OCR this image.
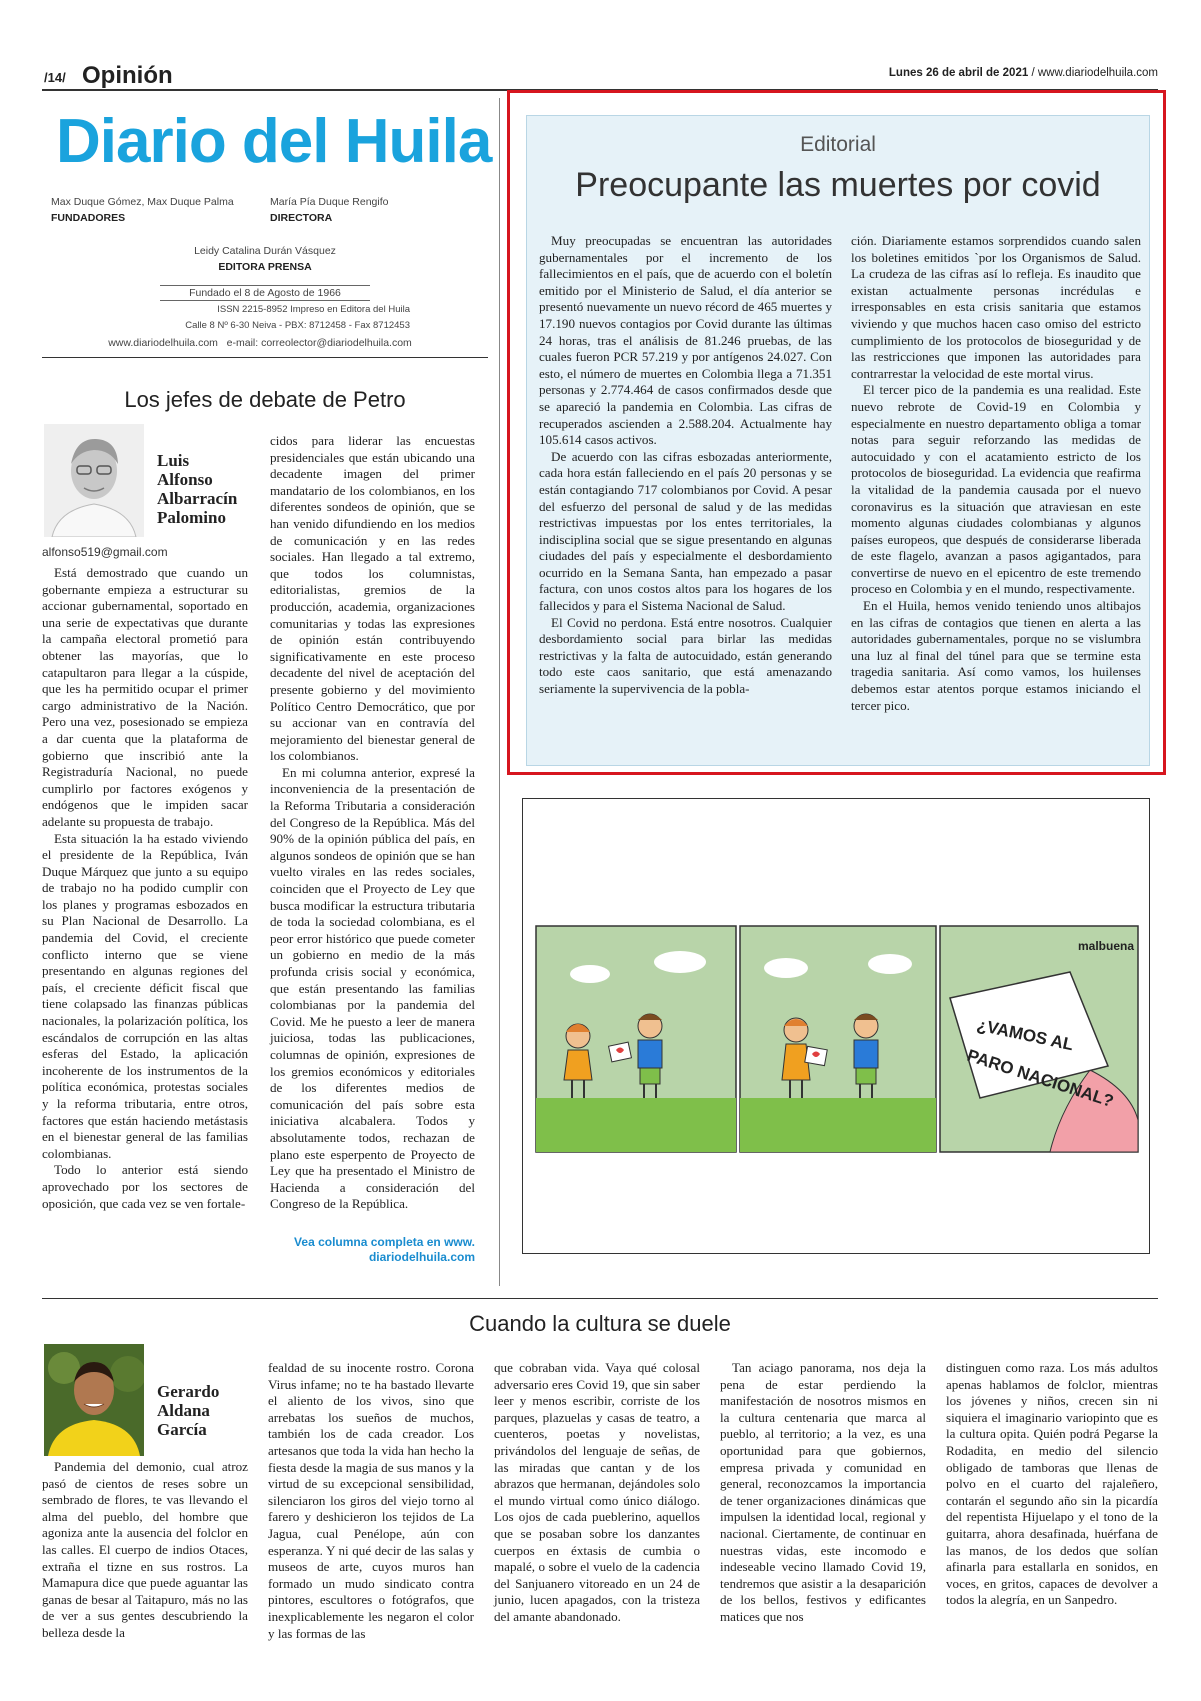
/14/ Opinión	Lunes 26 de abril de 2021 / www.diariodelhuila.com
Diario del Huila
Max Duque Gómez, Max Duque Palma
FUNDADORES
María Pía Duque Rengifo
DIRECTORA
Leidy Catalina Durán Vásquez
EDITORA PRENSA
Fundado el 8 de Agosto de 1966
ISSN 2215-8952 Impreso en Editora del Huila
Calle 8 Nº 6-30 Neiva - PBX: 8712458 - Fax 8712453
www.diariodelhuila.com   e-mail: correolector@diariodelhuila.com
Editorial
Preocupante las muertes por covid

Muy preocupadas se encuentran las autoridades gubernamentales por el incremento de los fallecimientos en el país, que de acuerdo con el boletín emitido por el Ministerio de Salud, el día anterior se presentó nuevamente un nuevo récord de 465 muertes y 17.190 nuevos contagios por Covid durante las últimas 24 horas, tras el análisis de 81.246 pruebas, de las cuales fueron PCR 57.219 y por antígenos 24.027. Con esto, el número de muertes en Colombia llega a 71.351 personas y 2.774.464 de casos confirmados desde que se apareció la pandemia en Colombia. Las cifras de recuperados ascienden a 2.588.204. Actualmente hay 105.614 casos activos.

De acuerdo con las cifras esbozadas anteriormente, cada hora están falleciendo en el país 20 personas y se están contagiando 717 colombianos por Covid. A pesar del esfuerzo del personal de salud y de las medidas restrictivas impuestas por los entes territoriales, la indisciplina social que se sigue presentando en algunas ciudades del país y especialmente el desbordamiento ocurrido en la Semana Santa, han empezado a pasar factura, con unos costos altos para los hogares de los fallecidos y para el Sistema Nacional de Salud.

El Covid no perdona. Está entre nosotros. Cualquier desbordamiento social para birlar las medidas restrictivas y la falta de autocuidado, están generando todo este caos sanitario, que está amenazando seriamente la supervivencia de la pobla-

ción. Diariamente estamos sorprendidos cuando salen los boletines emitidos `por los Organismos de Salud. La crudeza de las cifras así lo refleja. Es inaudito que existan actualmente personas incrédulas e irresponsables en esta crisis sanitaria que estamos viviendo y que muchos hacen caso omiso del estricto cumplimiento de los protocolos de bioseguridad y de las restricciones que imponen las autoridades para contrarrestar la velocidad de este mortal virus.

El tercer pico de la pandemia es una realidad. Este nuevo rebrote de Covid-19 en Colombia y especialmente en nuestro departamento obliga a tomar notas para seguir reforzando las medidas de autocuidado y con el acatamiento estricto de los protocolos de bioseguridad. La evidencia que reafirma la vitalidad de la pandemia causada por el nuevo coronavirus es la situación que atraviesan en este momento algunas ciudades colombianas y algunos países europeos, que después de considerarse liberada de este flagelo, avanzan a pasos agigantados, para convertirse de nuevo en el epicentro de este tremendo proceso en Colombia y en el mundo, respectivamente.

En el Huila, hemos venido teniendo unos altibajos en las cifras de contagios que tienen en alerta a las autoridades gubernamentales, porque no se vislumbra una luz al final del túnel para que se termine esta tragedia sanitaria. Así como vamos, los huilenses debemos estar atentos porque estamos iniciando el tercer pico.

Los jefes de debate de Petro
Luis
Alfonso
Albarracín
Palomino
alfonso519@gmail.com

Está demostrado que cuando un gobernante empieza a estructurar su accionar gubernamental, soportado en una serie de expectativas que durante la campaña electoral prometió para obtener las mayorías, que lo catapultaron para llegar a la cúspide, que les ha permitido ocupar el primer cargo administrativo de la Nación. Pero una vez, posesionado se empieza a dar cuenta que la plataforma de gobierno que inscribió ante la Registraduría Nacional, no puede cumplirlo por factores exógenos y endógenos que le impiden sacar adelante su propuesta de trabajo.

Esta situación la ha estado viviendo el presidente de la República, Iván Duque Márquez que junto a su equipo de trabajo no ha podido cumplir con los planes y programas esbozados en su Plan Nacional de Desarrollo. La pandemia del Covid, el creciente conflicto interno que se viene presentando en algunas regiones del país, el creciente déficit fiscal que tiene colapsado las finanzas públicas nacionales, la polarización política, los escándalos de corrupción en las altas esferas del Estado, la aplicación incoherente de los instrumentos de la política económica, protestas sociales y la reforma tributaria, entre otros, factores que están haciendo metástasis en el bienestar general de las familias colombianas.

Todo lo anterior está siendo aprovechado por los sectores de oposición, que cada vez se ven fortale-

cidos para liderar las encuestas presidenciales que están ubicando una decadente imagen del primer mandatario de los colombianos, en los diferentes sondeos de opinión, que se han venido difundiendo en los medios de comunicación y en las redes sociales. Han llegado a tal extremo, que todos los columnistas, editorialistas, gremios de la producción, academia, organizaciones comunitarias y todas las expresiones de opinión están contribuyendo significativamente en este proceso decadente del nivel de aceptación del presente gobierno y del movimiento Político Centro Democrático, que por su accionar van en contravía del mejoramiento del bienestar general de los colombianos.

En mi columna anterior, expresé la inconveniencia de la presentación de la Reforma Tributaria a consideración del Congreso de la República. Más del 90% de la opinión pública del país, en algunos sondeos de opinión que se han vuelto virales en las redes sociales, coinciden que el Proyecto de Ley que busca modificar la estructura tributaria de toda la sociedad colombiana, es el peor error histórico que puede cometer un gobierno en medio de la más profunda crisis social y económica, que están presentando las familias colombianas por la pandemia del Covid. Me he puesto a leer de manera juiciosa, todas las publicaciones, columnas de opinión, expresiones de los gremios económicos y editoriales de los diferentes medios de comunicación del país sobre esta iniciativa alcabalera. Todos y absolutamente todos, rechazan de plano este esperpento de Proyecto de Ley que ha presentado el Ministro de Hacienda a consideración del Congreso de la República.

Vea columna completa en www.
diariodelhuila.com
malbuena
¿VAMOS AL
PARO NACIONAL?
Cuando la cultura se duele
Gerardo
Aldana
García

Pandemia del demonio, cual atroz pasó de cientos de reses sobre un sembrado de flores, te vas llevando el alma del pueblo, del hombre que agoniza ante la ausencia del folclor en las calles. El cuerpo de indios Otaces, extraña el tizne en sus rostros. La Mamapura dice que puede aguantar las ganas de besar al Taitapuro, más no las de ver a sus gentes descubriendo la belleza desde la

fealdad de su inocente rostro. Corona Virus infame; no te ha bastado llevarte el aliento de los vivos, sino que arrebatas los sueños de muchos, también los de cada creador. Los artesanos que toda la vida han hecho la fiesta desde la magia de sus manos y la virtud de su excepcional sensibilidad, silenciaron los giros del viejo torno al farero y deshicieron los tejidos de La Jagua, cual Penélope, aún con esperanza. Y ni qué decir de las salas y museos de arte, cuyos muros han formado un mudo sindicato contra pintores, escultores o fotógrafos, que inexplicablemente les negaron el color y las formas de las

que cobraban vida. Vaya qué colosal adversario eres Covid 19, que sin saber leer y menos escribir, corriste de los parques, plazuelas y casas de teatro, a cuenteros, poetas y novelistas, privándolos del lenguaje de señas, de las miradas que cantan y de los abrazos que hermanan, dejándoles solo el mundo virtual como único diálogo. Los ojos de cada pueblerino, aquellos que se posaban sobre los danzantes cuerpos en éxtasis de cumbia o mapalé, o sobre el vuelo de la cadencia del Sanjuanero vitoreado en un 24 de junio, lucen apagados, con la tristeza del amante abandonado.

Tan aciago panorama, nos deja la pena de estar perdiendo la manifestación de nosotros mismos en la cultura centenaria que marca al pueblo, al territorio; a la vez, es una oportunidad para que gobiernos, empresa privada y comunidad en general, reconozcamos la importancia de tener organizaciones dinámicas que impulsen la identidad local, regional y nacional. Ciertamente, de continuar en nuestras vidas, este incomodo e indeseable vecino llamado Covid 19, tendremos que asistir a la desaparición de los bellos, festivos y edificantes matices que nos

distinguen como raza. Los más adultos apenas hablamos de folclor, mientras los jóvenes y niños, crecen sin ni siquiera el imaginario variopinto que es la cultura opita. Quién podrá Pegarse la Rodadita, en medio del silencio obligado de tamboras que llenas de polvo en el cuarto del rajaleñero, contarán el segundo año sin la picardía del repentista Hijuelapo y el tono de la guitarra, ahora desafinada, huérfana de las manos, de los dedos que solían afinarla para estallarla en sonidos, en voces, en gritos, capaces de devolver a todos la alegría, en un Sanpedro.
